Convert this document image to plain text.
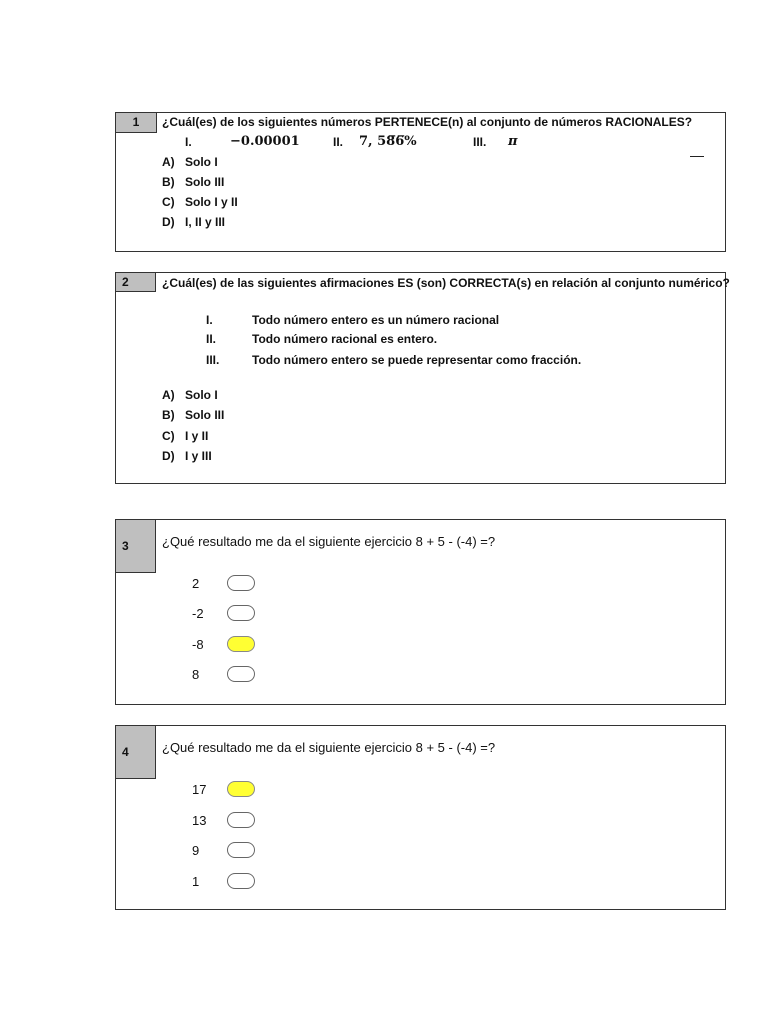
1	¿Cuál(es) de los siguientes números PERTENECE(n) al conjunto de números RACIONALES?
I.	−0.00001	II. 7, 58̅6̅%	III. π
A) Solo I
B) Solo III
C) Solo I y II
D) I, II y III
2	¿Cuál(es) de las siguientes afirmaciones ES (son) CORRECTA(s) en relación al conjunto numérico?
I.	Todo número entero es un número racional
II.	Todo número racional es entero.
III.	Todo número entero se puede representar como fracción.
A) Solo I
B) Solo III
C) I y II
D) I y III
3	¿Qué resultado me da el siguiente ejercicio 8 + 5 - (-4) =?
2
-2
-8
8
4	¿Qué resultado me da el siguiente ejercicio 8 + 5 - (-4) =?
17
13
9
1
